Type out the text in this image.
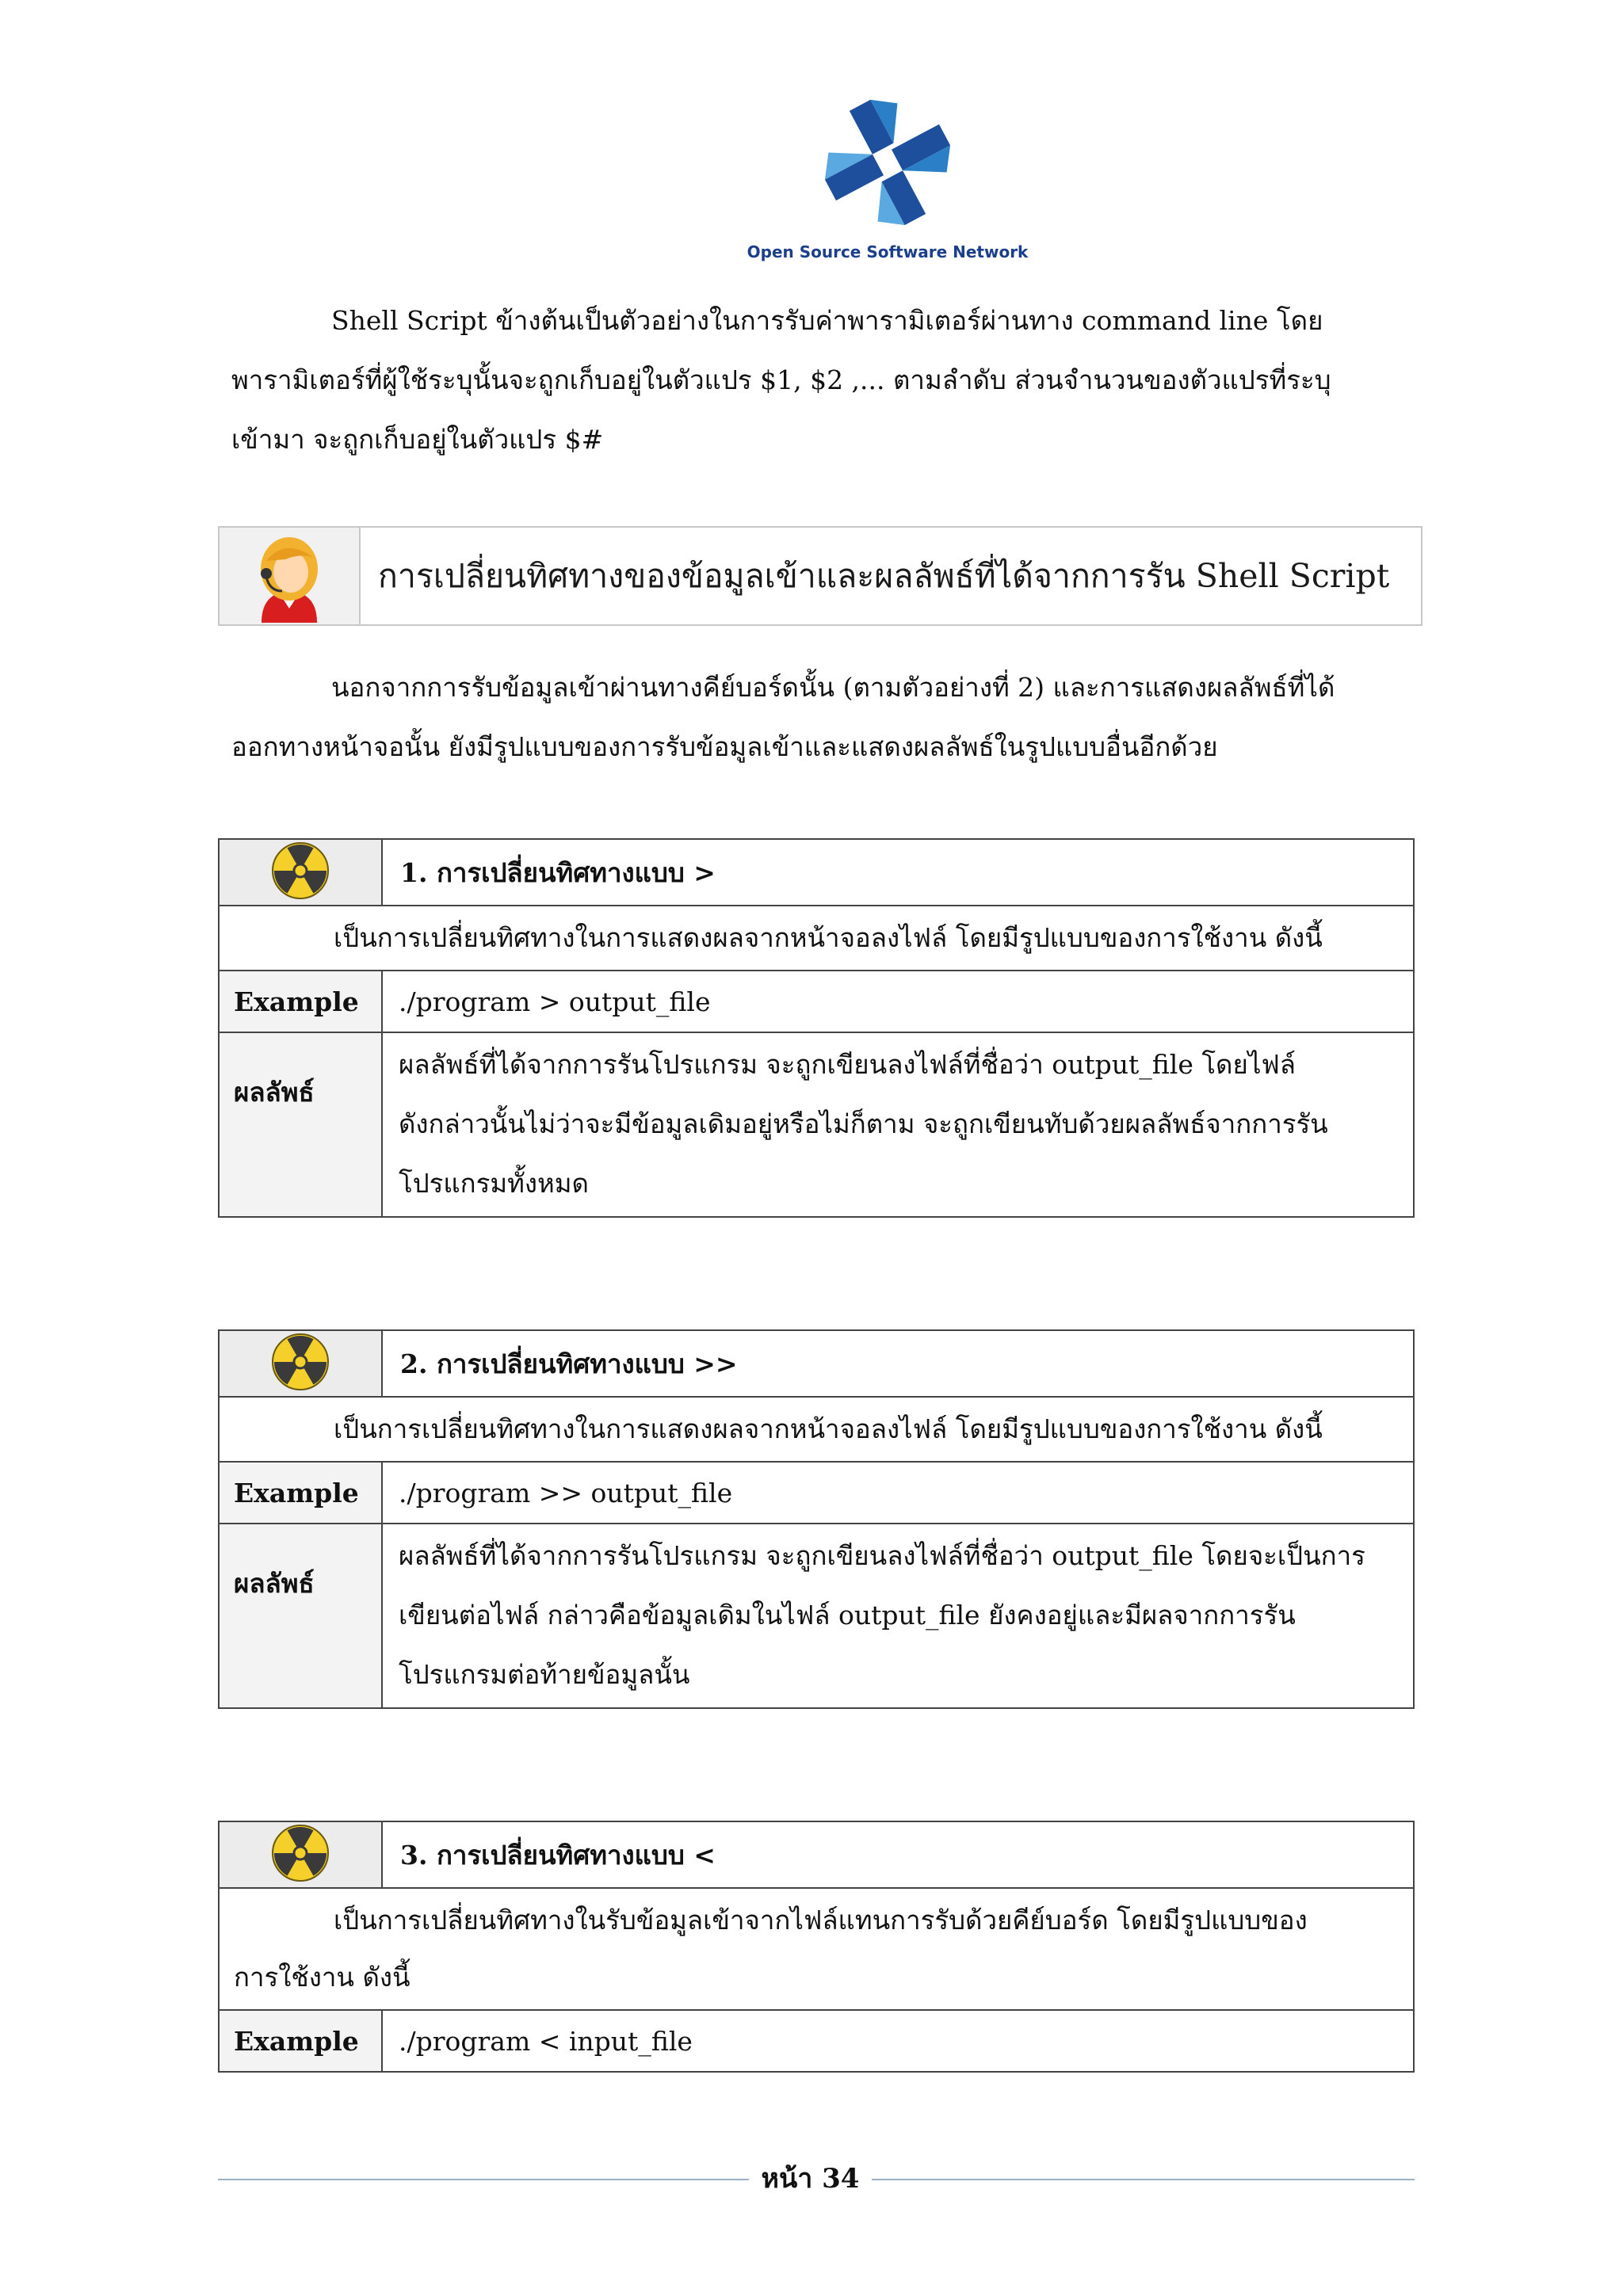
Open Source Software Network
Shell Script ข้างต้นเป็นตัวอย่างในการรับค่าพารามิเตอร์ผ่านทาง command line โดย
พารามิเตอร์ที่ผู้ใช้ระบุนั้นจะถูกเก็บอยู่ในตัวแปร $1, $2 ,... ตามลำดับ ส่วนจำนวนของตัวแปรที่ระบุ
เข้ามา จะถูกเก็บอยู่ในตัวแปร $#
การเปลี่ยนทิศทางของข้อมูลเข้าและผลลัพธ์ที่ได้จากการรัน Shell Script
นอกจากการรับข้อมูลเข้าผ่านทางคีย์บอร์ดนั้น (ตามตัวอย่างที่ 2) และการแสดงผลลัพธ์ที่ได้
ออกทางหน้าจอนั้น ยังมีรูปแบบของการรับข้อมูลเข้าและแสดงผลลัพธ์ในรูปแบบอื่นอีกด้วย
	1. การเปลี่ยนทิศทางแบบ >
เป็นการเปลี่ยนทิศทางในการแสดงผลจากหน้าจอลงไฟล์ โดยมีรูปแบบของการใช้งาน ดังนี้	
Example	./program > output_file
ผลลัพธ์	ผลลัพธ์ที่ได้จากการรันโปรแกรม จะถูกเขียนลงไฟล์ที่ชื่อว่า output_file โดยไฟล์
ดังกล่าวนั้นไม่ว่าจะมีข้อมูลเดิมอยู่หรือไม่ก็ตาม จะถูกเขียนทับด้วยผลลัพธ์จากการรัน
โปรแกรมทั้งหมด
	2. การเปลี่ยนทิศทางแบบ >>
เป็นการเปลี่ยนทิศทางในการแสดงผลจากหน้าจอลงไฟล์ โดยมีรูปแบบของการใช้งาน ดังนี้	
Example	./program >> output_file
ผลลัพธ์	ผลลัพธ์ที่ได้จากการรันโปรแกรม จะถูกเขียนลงไฟล์ที่ชื่อว่า output_file โดยจะเป็นการ
เขียนต่อไฟล์ กล่าวคือข้อมูลเดิมในไฟล์ output_file ยังคงอยู่และมีผลจากการรัน
โปรแกรมต่อท้ายข้อมูลนั้น
	3. การเปลี่ยนทิศทางแบบ <

เป็นการเปลี่ยนทิศทางในรับข้อมูลเข้าจากไฟล์แทนการรับด้วยคีย์บอร์ด โดยมีรูปแบบของ
การใช้งาน ดังนี้	

Example	./program < input_file
หน้า 34
